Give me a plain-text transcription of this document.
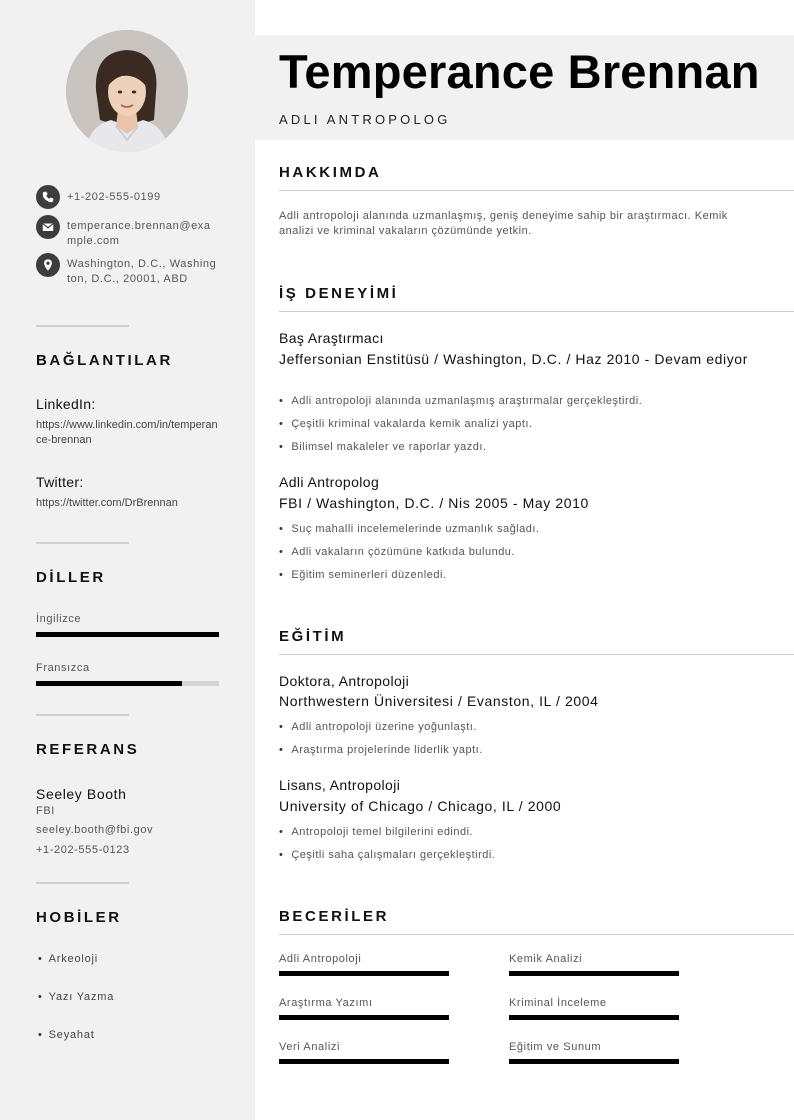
+1-202-555-0199
temperance.brennan@example.com
Washington, D.C., Washington, D.C., 20001, ABD
BAĞLANTILAR
LinkedIn:
https://www.linkedin.com/in/temperance-brennan
Twitter:
https://twitter.com/DrBrennan
DİLLER
İngilizce
Fransızca
REFERANS
Seeley Booth
FBI
seeley.booth@fbi.gov
+1-202-555-0123
HOBİLER
• Arkeoloji
• Yazı Yazma
• Seyahat
Temperance Brennan
ADLI ANTROPOLOG
HAKKIMDA
Adli antropoloji alanında uzmanlaşmış, geniş deneyime sahip bir araştırmacı. Kemik analizi ve kriminal vakaların çözümünde yetkin.
İŞ DENEYİMİ
Baş Araştırmacı
Jeffersonian Enstitüsü / Washington, D.C. / Haz 2010 - Devam ediyor
• Adli antropoloji alanında uzmanlaşmış araştırmalar gerçekleştirdi.
• Çeşitli kriminal vakalarda kemik analizi yaptı.
• Bilimsel makaleler ve raporlar yazdı.
Adli Antropolog
FBI / Washington, D.C. / Nis 2005 - May 2010
• Suç mahalli incelemelerinde uzmanlık sağladı.
• Adli vakaların çözümüne katkıda bulundu.
• Eğitim seminerleri düzenledi.
EĞİTİM
Doktora, Antropoloji
Northwestern Üniversitesi / Evanston, IL / 2004
• Adli antropoloji üzerine yoğunlaştı.
• Araştırma projelerinde liderlik yaptı.
Lisans, Antropoloji
University of Chicago / Chicago, IL / 2000
• Antropoloji temel bilgilerini edindi.
• Çeşitli saha çalışmaları gerçekleştirdi.
BECERİLER
Adli Antropoloji	Kemik Analizi
Araştırma Yazımı	Kriminal İnceleme
Veri Analizi	Eğitim ve Sunum
